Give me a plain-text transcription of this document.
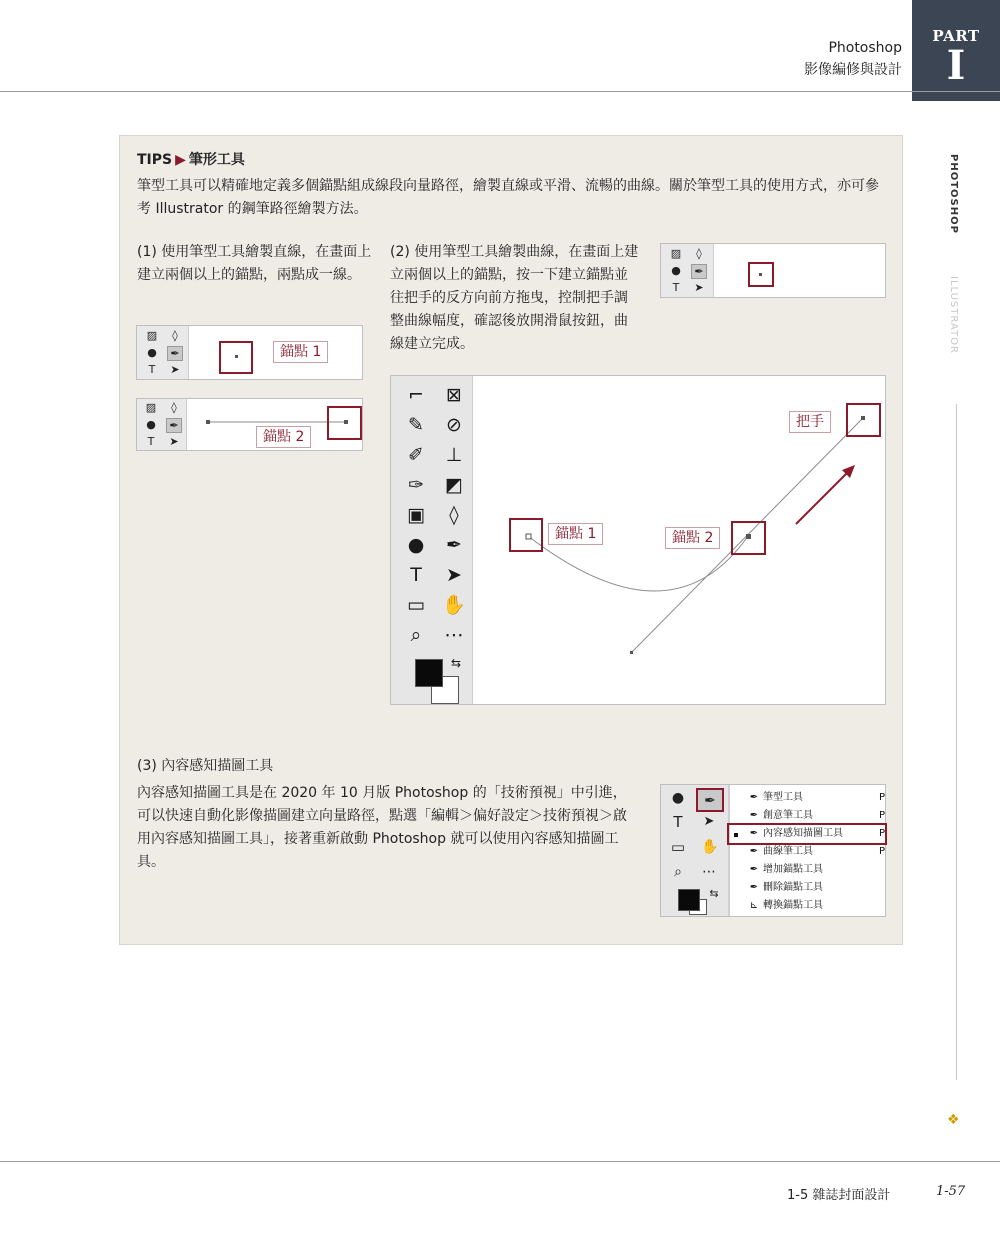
Photoshop
影像編修與設計
PART
I
PHOTOSHOP
ILLUSTRATOR
❖
TIPS ▶ 筆形工具
筆型工具可以精確地定義多個錨點組成線段向量路徑，繪製直線或平滑、流暢的曲線。關於筆型工具的使用方式，亦可參考 Illustrator 的鋼筆路徑繪製方法。
(1) 使用筆型工具繪製直線，在畫面上建立兩個以上的錨點，兩點成一線。
(2) 使用筆型工具繪製曲線，在畫面上建立兩個以上的錨點，按一下建立錨點並往把手的反方向前方拖曳，控制把手調整曲線幅度，確認後放開滑鼠按鈕，曲線建立完成。
(3) 內容感知描圖工具
內容感知描圖工具是在 2020 年 10 月版 Photoshop 的「技術預視」中引進，可以快速自動化影像描圖建立向量路徑，點選「編輯＞偏好設定＞技術預視＞啟用內容感知描圖工具」，接著重新啟動 Photoshop 就可以使用內容感知描圖工具。
▨	◊
●	✒
T	➤
錨點 1
▨	◊
●	✒
T	➤	錨點 2
▨	◊
●	✒
T	➤
⌐ ⊠
✎ ⊘
✐ ⊥
✑ ◩
▣	◊
● ✒
T	➤
▭ ✋
⌕	⋯
⇆
錨點 1	錨點 2
把手
●	✒
T ➤
▭ ✋
⌕ ⋯
⇆
✒ 筆型工具	P
✒ 創意筆工具	P
✒ 內容感知描圖工具	P
✒ 曲線筆工具	P
✒ 增加錨點工具
✒ 刪除錨點工具
⊾ 轉換錨點工具
1-5 雜誌封面設計	1-57
